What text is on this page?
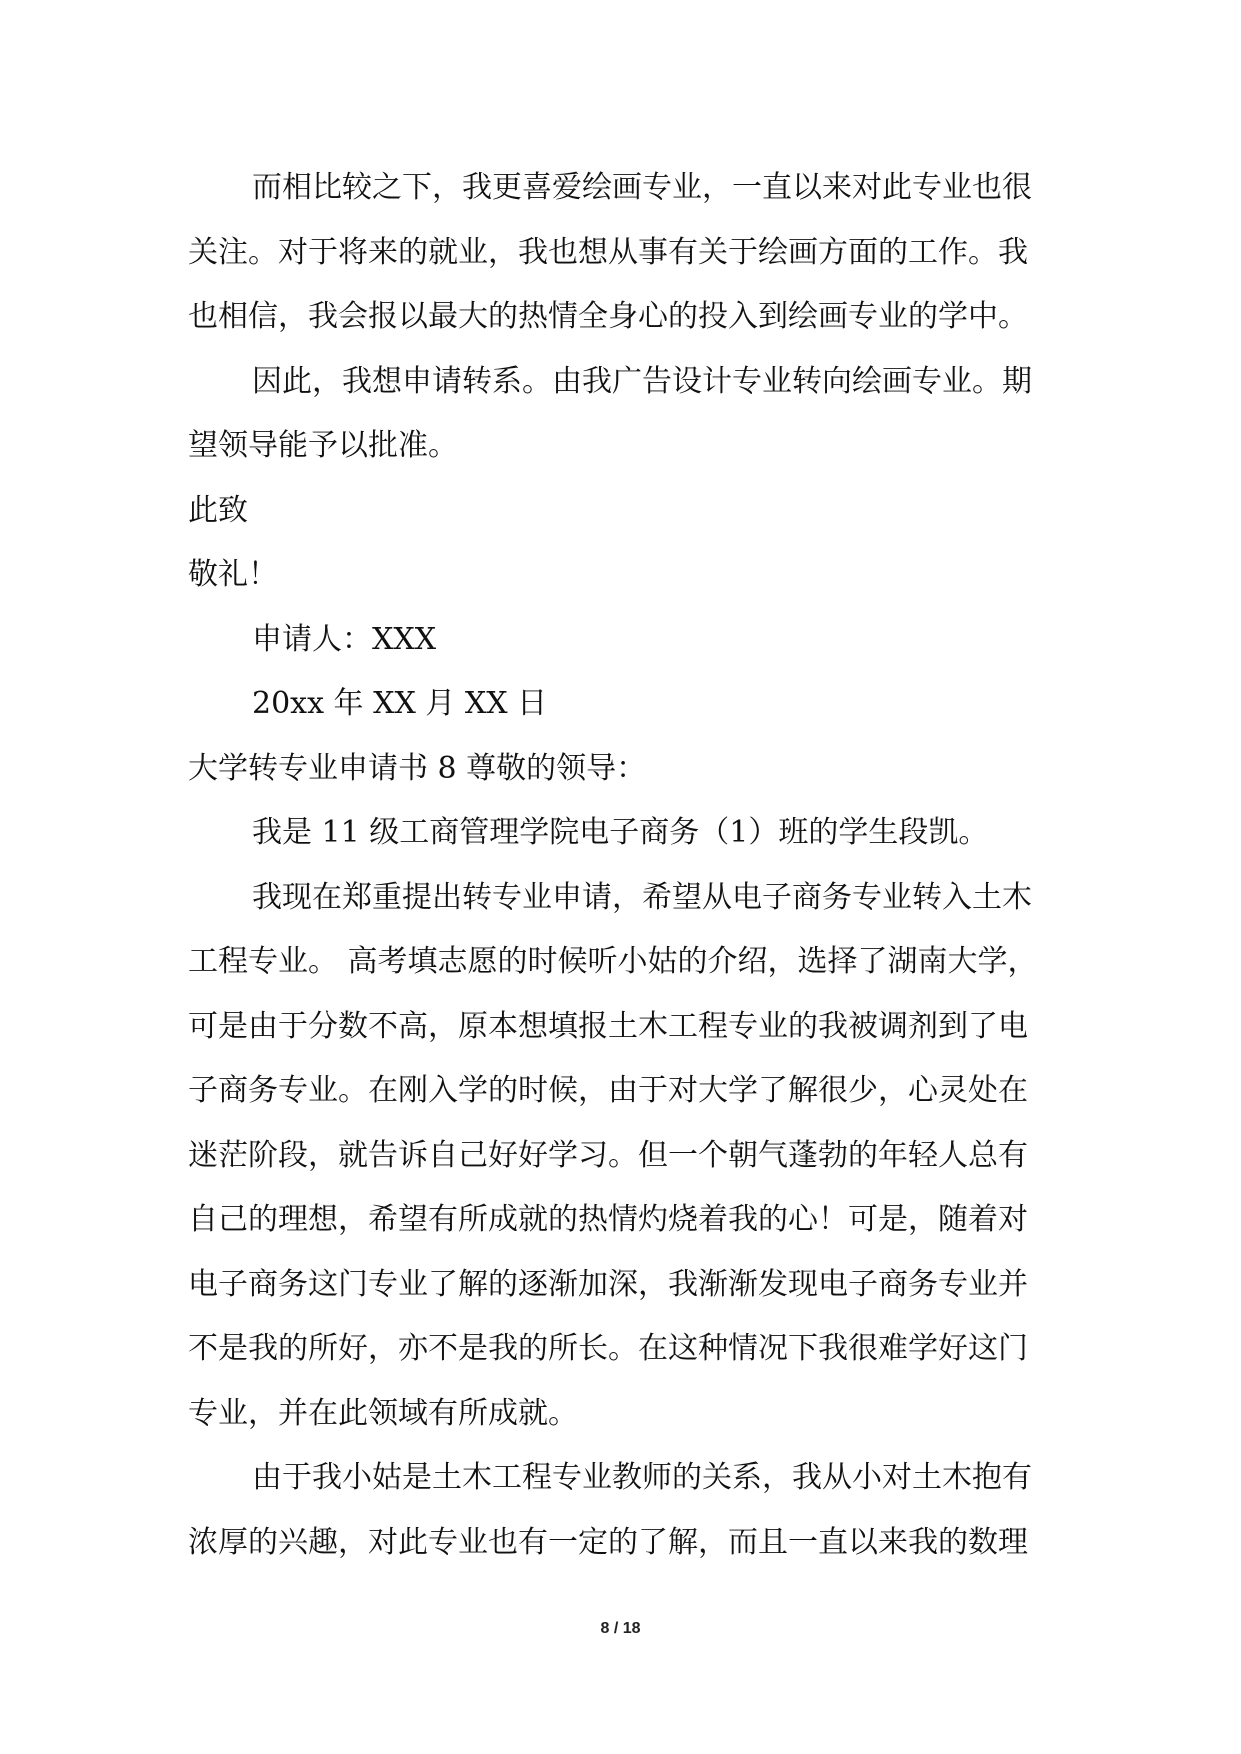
而相比较之下，我更喜爱绘画专业，一直以来对此专业也很
关注。对于将来的就业，我也想从事有关于绘画方面的工作。我
也相信，我会报以最大的热情全身心的投入到绘画专业的学中。
因此，我想申请转系。由我广告设计专业转向绘画专业。期
望领导能予以批准。
此致
敬礼！
申请人：XXX
20xx 年 XX 月 XX 日
大学转专业申请书 8 尊敬的领导：
我是 11 级工商管理学院电子商务（1）班的学生段凯。
我现在郑重提出转专业申请，希望从电子商务专业转入土木
工程专业。 高考填志愿的时候听小姑的介绍，选择了湖南大学，
可是由于分数不高，原本想填报土木工程专业的我被调剂到了电
子商务专业。在刚入学的时候，由于对大学了解很少，心灵处在
迷茫阶段，就告诉自己好好学习。但一个朝气蓬勃的年轻人总有
自己的理想，希望有所成就的热情灼烧着我的心！可是，随着对
电子商务这门专业了解的逐渐加深，我渐渐发现电子商务专业并
不是我的所好，亦不是我的所长。在这种情况下我很难学好这门
专业，并在此领域有所成就。
由于我小姑是土木工程专业教师的关系，我从小对土木抱有
浓厚的兴趣，对此专业也有一定的了解，而且一直以来我的数理
8 / 18
